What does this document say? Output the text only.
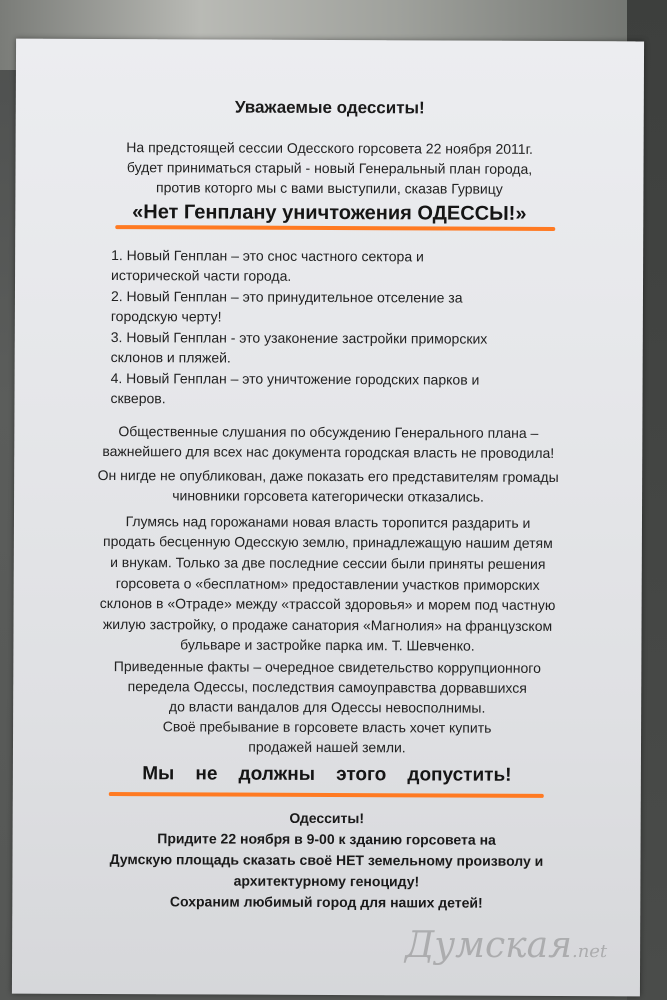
Уважаемые одесситы!
На предстоящей сессии Одесского горсовета 22 ноября 2011г.
будет приниматься старый - новый Генеральный план города,
против которго мы с вами выступили, сказав Гурвицу
«Нет Генплану уничтожения ОДЕССЫ!»
1. Новый Генплан – это снос частного сектора и
исторической части города.
2. Новый Генплан – это принудительное отселение за
городскую черту!
3. Новый Генплан - это узаконение застройки приморских
склонов и пляжей.
4. Новый Генплан – это уничтожение городских парков и
скверов.
Общественные слушания по обсуждению Генерального плана –
важнейшего для всех нас документа городская власть не проводила!
Он нигде не опубликован, даже показать его представителям громады
чиновники горсовета категорически отказались.
Глумясь над горожанами новая власть торопится раздарить и
продать бесценную Одесскую землю, принадлежащую нашим детям
и внукам. Только за две последние сессии были приняты решения
горсовета о «бесплатном» предоставлении участков приморских
склонов в «Отраде» между «трассой здоровья» и морем под частную
жилую застройку, о продаже санатория «Магнолия» на французском
бульваре и застройке парка им. Т. Шевченко.
Приведенные факты – очередное свидетельство коррупционного
передела Одессы, последствия самоуправства дорвавшихся
до власти вандалов для Одессы невосполнимы.
Своё пребывание в горсовете власть хочет купить
продажей нашей земли.
Мы    не    должны    этого    допустить!
Одесситы!
Придите 22 ноября в 9-00 к зданию горсовета на
Думскую площадь сказать своё НЕТ земельному произволу и
архитектурному геноциду!
Сохраним любимый город для наших детей!
Думская.net
